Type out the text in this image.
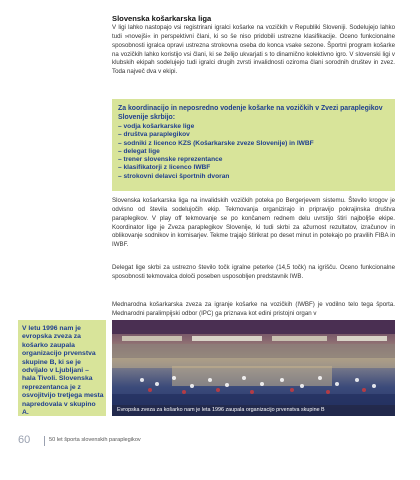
Slovenska košarkarska liga

V ligi lahko nastopajo vsi registrirani igralci košarke na vozičkih v Republiki Sloveniji. Sodelujejo lahko tudi »novejši« in perspektivni člani, ki so še niso pridobili ustrezne klasifikacije. Oceno funkcionalne sposobnosti igralca opravi ustrezna strokovna oseba do konca vsake sezone. Športni program košarke na vozičkih lahko koristijo vsi člani, ki se želijo ukvarjati s to dinamično kolektivno igro. V slovenski ligi v klubskih ekipah sodelujejo tudi igralci drugih zvrsti invalidnosti oziroma člani sorodnih društev in zvez. Toda največ dva v ekipi.

Za koordinacijo in neposredno vodenje košarke na vozičkih v Zvezi paraplegikov Slovenije skrbijo:

– vodja košarkarske lige
– društva paraplegikov
– sodniki z licenco KZS (Košarkarske zveze Slovenije) in IWBF
– delegat lige
– trener slovenske reprezentance
– klasifikatorji z licenco IWBF
– strokovni delavci športnih dvoran

Slovenska košarkarska liga na invalidskih vozičkih poteka po Bergerjevem sistemu. Število krogov je odvisno od števila sodelujočih ekip. Tekmovanja organizirajo in pripravijo pokrajinska društva paraplegikov. V play off tekmovanje se po končanem rednem delu uvrstijo štiri najboljše ekipe. Koordinator lige je Zveza paraplegikov Slovenije, ki tudi skrbi za ažurnost rezultatov, izračunov in oblikovanje sodnikov in komisarjev. Tekme trajajo štirikrat po deset minut in potekajo po pravilih FIBA in IWBF.

Delegat lige skrbi za ustrezno število točk igralne peterke (14,5 točk) na igrišču. Oceno funkcionalne sposobnosti tekmovalca določi poseben usposobljen predstavnik IWB.

Mednarodna košarkarska zveza za igranje košarke na vozičkih (IWBF) je vodilno telo tega športa. Mednarodni paralimpijski odbor (IPC) ga priznava kot edini pristojni organ v

V letu 1996 nam je evropska zveza za košarko zaupala organizacijo prvenstva skupine B, ki se je odvijalo v Ljubljani – hala Tivoli. Slovenska reprezentanca je z osvojitvijo tretjega mesta napredovala v skupino A.	Evropska zveza za košarko nam je leta 1996 zaupala organizacijo prvenstva skupine B
60	50 let športa slovenskih paraplegikov
